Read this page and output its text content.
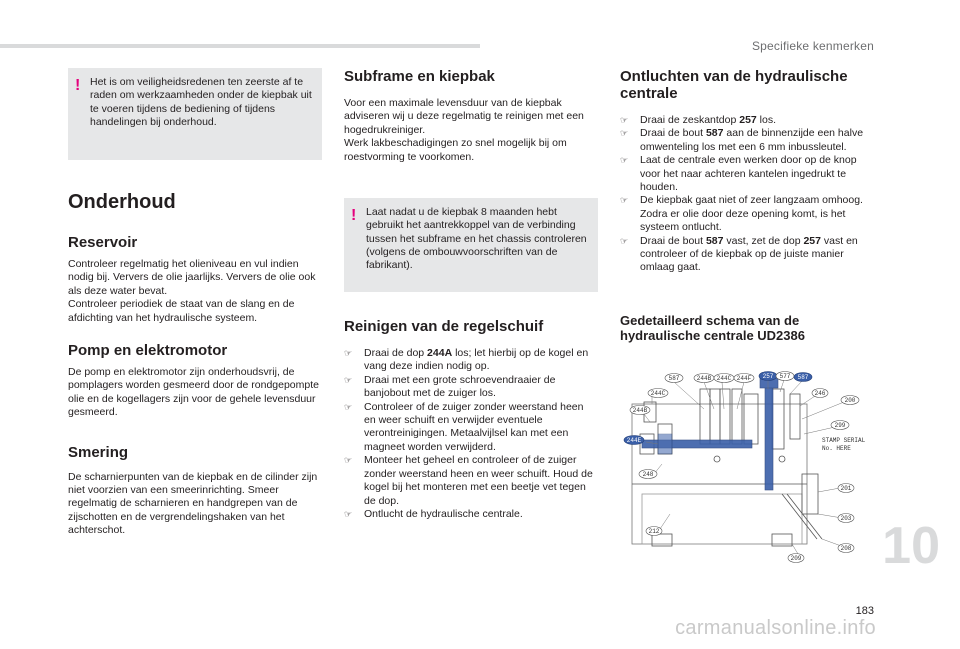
Specifieke kenmerken
! Het is om veiligheidsredenen ten zeerste af te raden om werkzaamheden onder de kiepbak uit te voeren tijdens de bediening of tijdens handelingen bij onderhoud.
Onderhoud
Reservoir

Controleer regelmatig het olieniveau en vul indien nodig bij. Ververs de olie jaarlijks. Ververs de olie ook als deze water bevat.

Controleer periodiek de staat van de slang en de afdichting van het hydraulische systeem.

Pomp en elektromotor

De pomp en elektromotor zijn onderhoudsvrij, de pomplagers worden gesmeerd door de rondgepompte olie en de kogellagers zijn voor de gehele levensduur gesmeerd.

Smering

De scharnierpunten van de kiepbak en de cilinder zijn niet voorzien van een smeerinrichting. Smeer regelmatig de scharnieren en handgrepen van de zijschotten en de vergrendelingshaken van het achterschot.

Subframe en kiepbak

Voor een maximale levensduur van de kiepbak adviseren wij u deze regelmatig te reinigen met een hogedrukreiniger.

Werk lakbeschadigingen zo snel mogelijk bij om roestvorming te voorkomen.

! Laat nadat u de kiepbak 8 maanden hebt gebruikt het aantrekkoppel van de verbinding tussen het subframe en het chassis controleren (volgens de ombouwvoorschriften van de fabrikant).
Reinigen van de regelschuif
☞ Draai de dop 244A los; let hierbij op de kogel en vang deze indien nodig op.
☞ Draai met een grote schroevendraaier de banjobout met de zuiger los.
☞ Controleer of de zuiger zonder weerstand heen en weer schuift en verwijder eventuele verontreinigingen. Metaalvijlsel kan met een magneet worden verwijderd.
☞ Monteer het geheel en controleer of de zuiger zonder weerstand heen en weer schuift. Houd de kogel bij het monteren met een beetje vet tegen de dop.
☞ Ontlucht de hydraulische centrale.
Ontluchten van de hydraulische centrale
☞ Draai de zeskantdop 257 los.
☞ Draai de bout 587 aan de binnenzijde een halve omwenteling los met een 6 mm inbussleutel.
☞ Laat de centrale even werken door op de knop voor het naar achteren kantelen ingedrukt te houden.
☞ De kiepbak gaat niet of zeer langzaam omhoog. Zodra er olie door deze opening komt, is het systeem ontlucht.
☞ Draai de bout 587 vast, zet de dop 257 vast en controleer of de kiepbak op de juiste manier omlaag gaat.
Gedetailleerd schema van de hydraulische centrale UD2386
587	244B 244C 244F 257 577 587
244C
244B
246
200
299
244E
248
201
203
212
209
208
STAMP SERIAL
No. HERE
10
183
carmanualsonline.info
